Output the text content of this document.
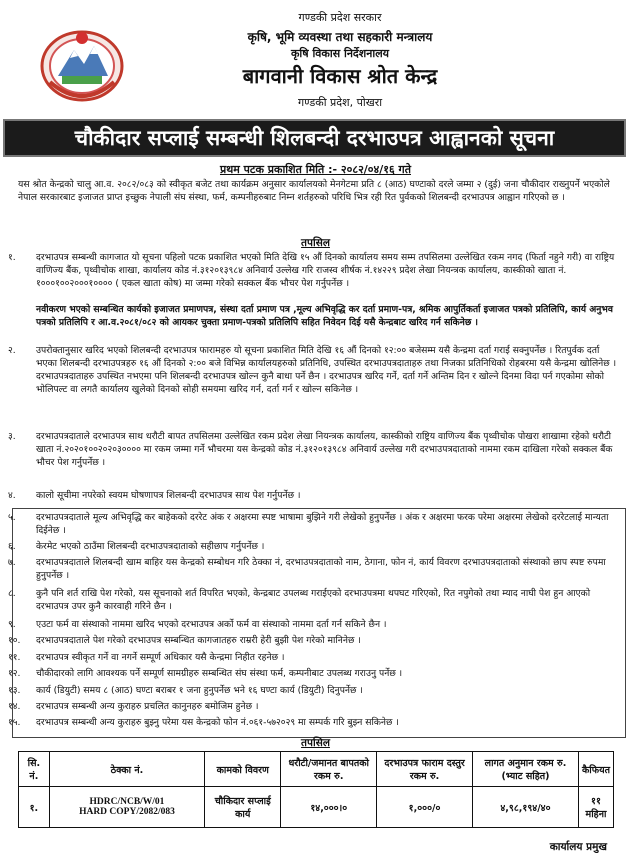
गण्डकी प्रदेश सरकार
कृषि, भूमि व्यवस्था तथा सहकारी मन्त्रालय
कृषि विकास निर्देशनालय
बागवानी विकास श्रोत केन्द्र
गण्डकी प्रदेश, पोखरा
चौकीदार सप्लाई सम्बन्धी शिलबन्दी दरभाउपत्र आह्वानको सूचना
प्रथम पटक प्रकाशित मिति :- २०८२/०४/१६ गते
यस श्रोत केन्द्रको चालु आ.व. २०८२/०८३ को स्वीकृत बजेट तथा कार्यक्रम अनुसार कार्यालयको मेनगेटमा प्रति ८ (आठ) घण्टाको दरले जम्मा २ (दुई) जना चौकीदार राख्नुपर्ने भएकोले नेपाल सरकारबाट इजाजत प्राप्त इच्छुक नेपाली संघ संस्था, फर्म, कम्पनीहरुबाट निम्न शर्तहरुको परिधि भित्र रही रित पुर्वकको शिलबन्दी दरभाउपत्र आह्वान गरिएको छ ।
तपसिल
१.	दरभाउपत्र सम्बन्धी कागजात यो सूचना पहिलो पटक प्रकाशित भएको मिति देखि १५ औं दिनको कार्यालय समय सम्म तपसिलमा उल्लेखित रकम नगद (फिर्ता नहुने गरी) वा राष्ट्रिय वाणिज्य बैंक, पृथ्वीचोक शाखा, कार्यालय कोड नं.३१२०१३९८४ अनिवार्य उल्लेख गरि राजस्व शीर्षक नं.१४२२९ प्रदेश लेखा नियन्त्रक कार्यालय, कास्कीको खाता नं. १०००१००२०००१०००० ( एकल खाता कोष) मा जम्मा गरेको सक्कल बैंक भौचर पेश गर्नुपर्नेछ ।
नवीकरण भएको सम्बन्धित कार्यको इजाजत प्रमाणपत्र, संस्था दर्ता प्रमाण पत्र ,मूल्य अभिवृद्धि कर दर्ता प्रमाण-पत्र, श्रमिक आपुर्तिकर्ता इजाजत पत्रको प्रतिलिपि, कार्य अनुभव पत्रको प्रतिलिपि र आ.व.२०८१/०८२ को आयकर चुक्ता प्रमाण-पत्रको प्रतिलिपि सहित निवेदन दिई यसै केन्द्रबाट खरिद गर्न सकिनेछ ।
२.	उपरोक्तानुसार खरिद भएको शिलबन्दी दरभाउपत्र फारामहरु यो सूचना प्रकाशित मिति देखि १६ औं दिनको १२:०० बजेसम्म यसै केन्द्रमा दर्ता गराई सक्नुपर्नेछ । रितपुर्वक दर्ता भएका शिलबन्दी दरभाउपत्रहरु १६ औं दिनको २:०० बजे विभिन्न कार्यालयहरुको प्रतिनिधि, उपस्थित दरभाउपत्रदाताहरु तथा निजका प्रतिनिधिको रोहबरमा यसै केन्द्रमा खोलिनेछ । दरभाउपत्रदाताहरु उपस्थित नभएमा पनि शिलबन्दी दरभाउपत्र खोल्न कुनै बाधा पर्ने छैन । दरभाउपत्र खरिद गर्ने, दर्ता गर्ने अन्तिम दिन र खोल्ने दिनमा विदा पर्न गएकोमा सोको भोलिपल्ट वा लगतै कार्यालय खुलेको दिनको सोही समयमा खरिद गर्न, दर्ता गर्न र खोल्न सकिनेछ ।
३.	दरभाउपत्रदाताले दरभाउपत्र साथ धरौटी बापत तपसिलमा उल्लेखित रकम प्रदेश लेखा नियन्त्रक कार्यालय, कास्कीको राष्ट्रिय वाणिज्य बैंक पृथ्वीचोक पोखरा शाखामा रहेको धरौटी खाता नं.२०२०१००२०२०३०००० मा रकम जम्मा गर्ने भौचरमा यस केन्द्रको कोड नं.३१२०१३९८४ अनिवार्य उल्लेख गरी दरभाउपत्रदाताको नाममा रकम दाखिला गरेको सक्कल बैंक भौचर पेश गर्नुपर्नेछ ।
४.	कालो सूचीमा नपरेको स्वयम घोषणापत्र शिलबन्दी दरभाउपत्र साथ पेश गर्नुपर्नेछ ।
५.	दरभाउपत्रदाताले मूल्य अभिवृद्धि कर बाहेकको दररेट अंक र अक्षरमा स्पष्ट भाषामा बुझिने गरी लेखेको हुनुपर्नेछ । अंक र अक्षरमा फरक परेमा अक्षरमा लेखेको दररेटलाई मान्यता दिईनेछ ।
६.	केरमेट भएको ठाउँमा शिलबन्दी दरभाउपत्रदाताको सहीछाप गर्नुपर्नेछ ।
७.	दरभाउपत्रदाताले शिलबन्दी खाम बाहिर यस केन्द्रको सम्बोधन गरि ठेक्का नं, दरभाउपत्रदाताको नाम, ठेगाना, फोन नं, कार्य विवरण दरभाउपत्रदाताको संस्थाको छाप स्पष्ट रुपमा हुनुपर्नेछ ।
८.	कुनै पनि शर्त राखि पेश गरेको, यस सूचनाको शर्त विपरित भएको, केन्द्रबाट उपलब्ध गराईएको दरभाउपत्रमा थपघट गरिएको, रित नपुगेको तथा म्याद नाघी पेश हुन आएको दरभाउपत्र उपर कुनै कारवाही गरिने छैन ।
९.	एउटा फर्म वा संस्थाको नाममा खरिद भएको दरभाउपत्र अर्को फर्म वा संस्थाको नाममा दर्ता गर्न सकिने छैन ।
१०.	दरभाउपत्रदाताले पेश गरेको दरभाउपत्र सम्बन्धित कागजातहरु राम्ररी हेरी बुझी पेश गरेको मानिनेछ ।
११.	दरभाउपत्र स्वीकृत गर्ने वा नगर्ने सम्पूर्ण अधिकार यसै केन्द्रमा निहीत रहनेछ ।
१२.	चौकीदारको लागि आवश्यक पर्ने सम्पूर्ण सामग्रीहरु सम्बन्धित संघ संस्था फर्म, कम्पनीबाट उपलब्ध गराउनु पर्नेछ ।
१३.	कार्य (डियुटी) समय ८ (आठ) घण्टा बराबर १ जना हुनुपर्नेछ भने १६ घण्टा कार्य (डियुटी) दिनुपर्नेछ ।
१४.	दरभाउपत्र सम्बन्धी अन्य कुराहरु प्रचलित कानुनहरु बमोजिम हुनेछ ।
१५.	दरभाउपत्र सम्बन्धी अन्य कुराहरु बुझ्नु परेमा यस केन्द्रको फोन नं.०६१-५७२०२९ मा सम्पर्क गरि बुझ्न सकिनेछ ।
तपसिल
सि. नं.	ठेक्का नं.	कामको विवरण	धरौटी/जमानत बापतको रकम रु.	दरभाउपत्र फाराम दस्तुर रकम रु.	लागत अनुमान रकम रु.(भ्याट सहित)	कैफियत
१.	HDRC/NCB/W/01
HARD COPY/2082/083	चौकिदार सप्लाई कार्य	१४,०००।०	१,०००/०	४,९८,१९४/४०	११ महिना
कार्यालय प्रमुख
